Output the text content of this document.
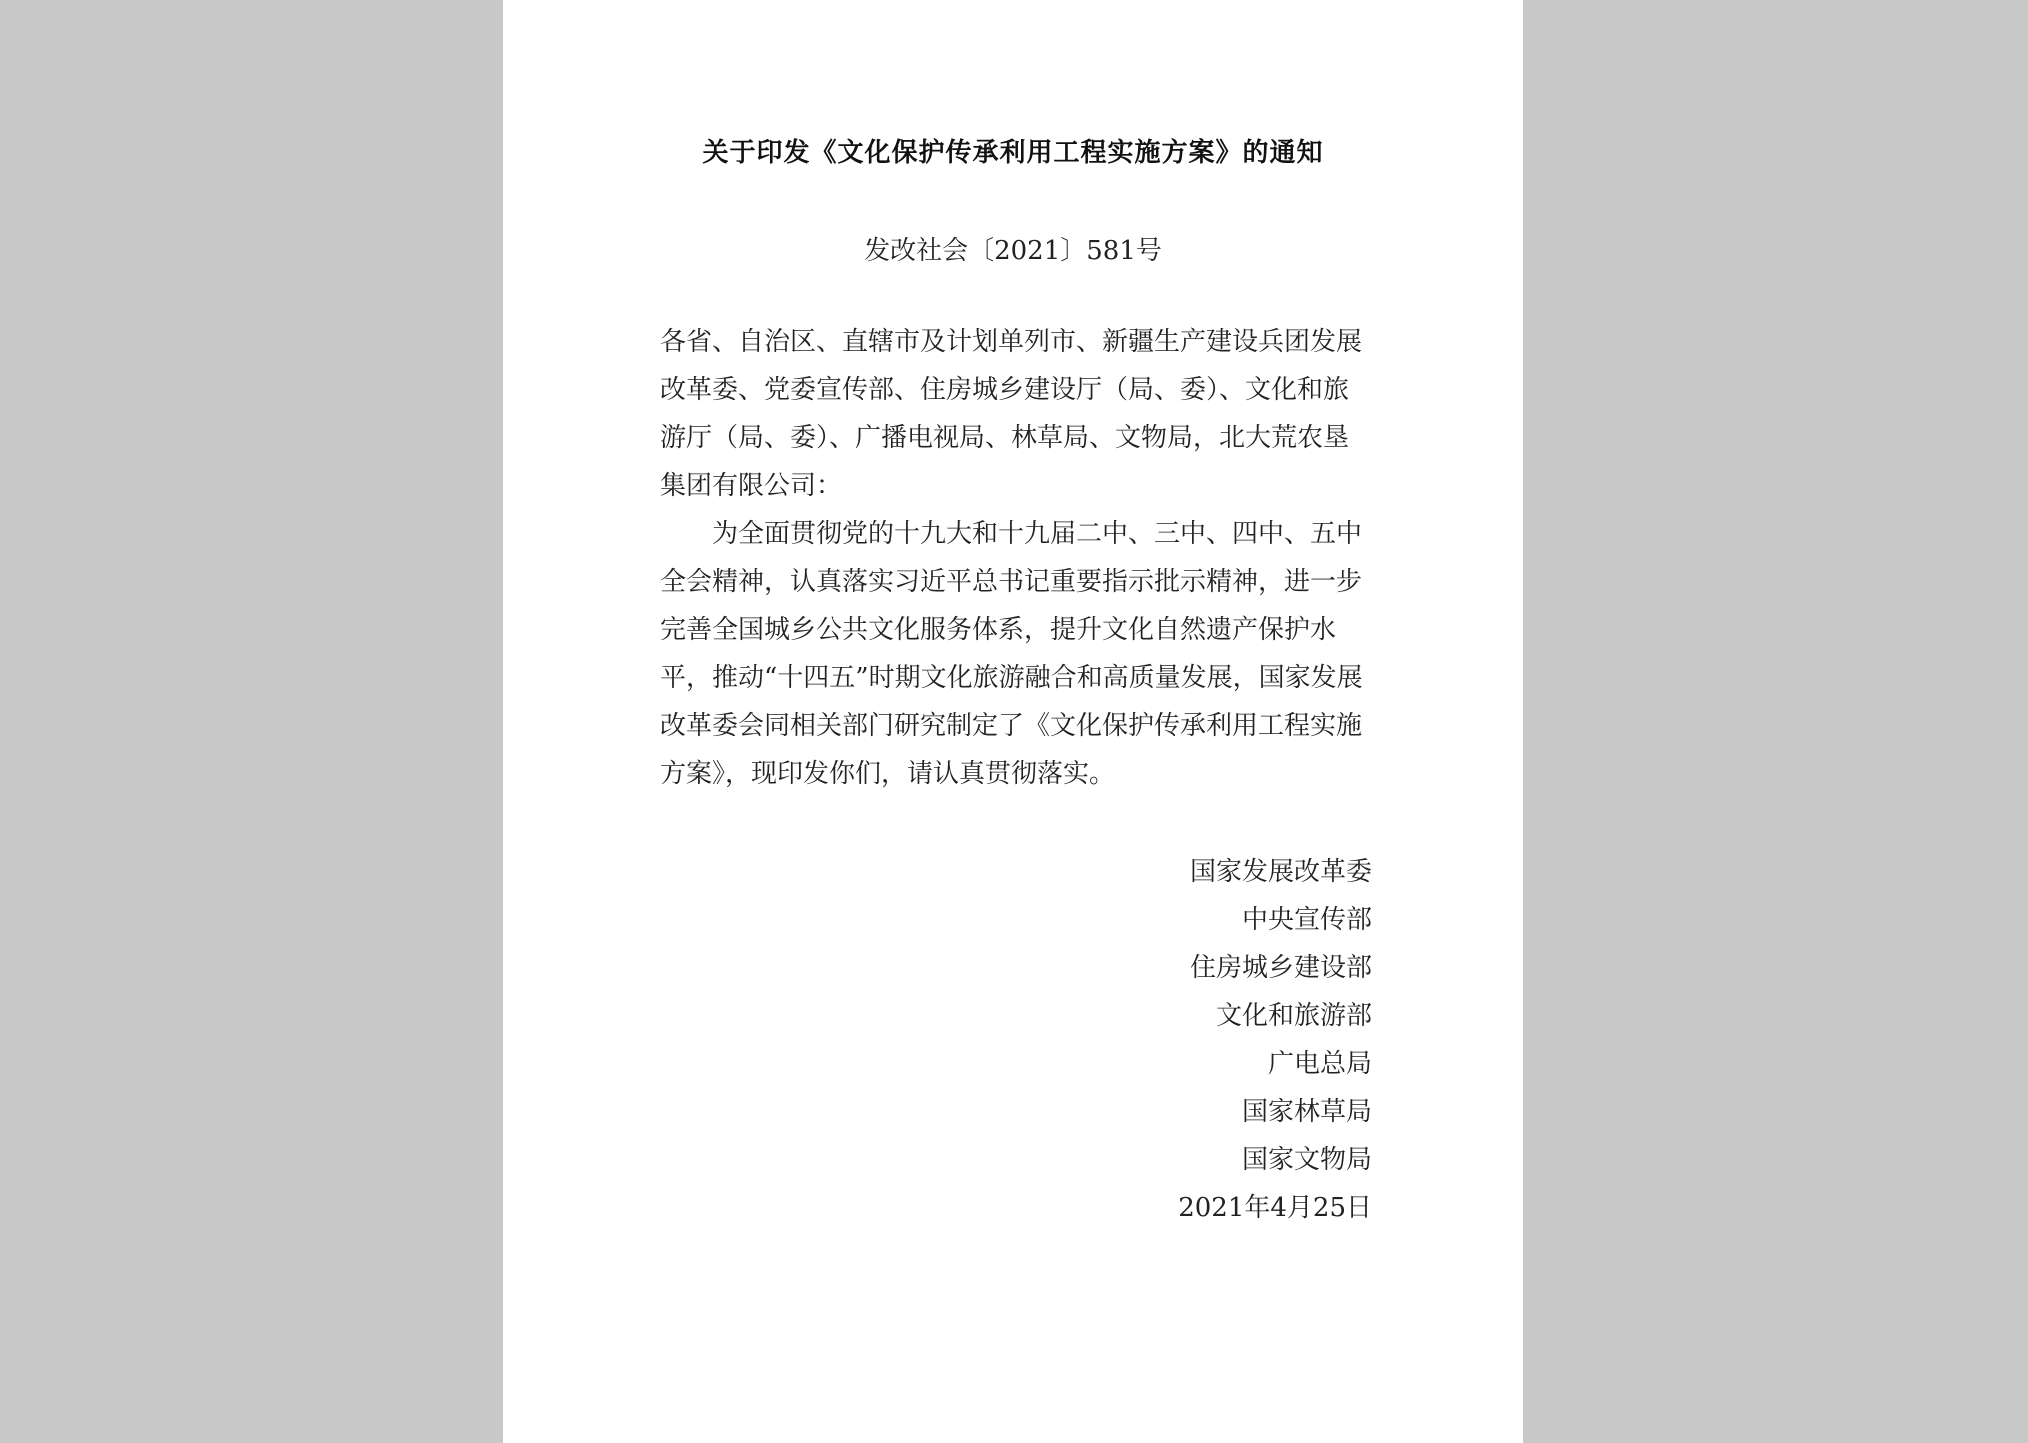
关于印发《文化保护传承利用工程实施方案》的通知
发改社会〔2021〕581号
各省、自治区、直辖市及计划单列市、新疆生产建设兵团发展改革委、党委宣传部、住房城乡建设厅（局、委）、文化和旅游厅（局、委）、广播电视局、林草局、文物局，北大荒农垦集团有限公司：
为全面贯彻党的十九大和十九届二中、三中、四中、五中全会精神，认真落实习近平总书记重要指示批示精神，进一步完善全国城乡公共文化服务体系，提升文化自然遗产保护水平，推动“十四五”时期文化旅游融合和高质量发展，国家发展改革委会同相关部门研究制定了《文化保护传承利用工程实施方案》，现印发你们，请认真贯彻落实。
国家发展改革委
中央宣传部
住房城乡建设部
文化和旅游部
广电总局
国家林草局
国家文物局
2021年4月25日
